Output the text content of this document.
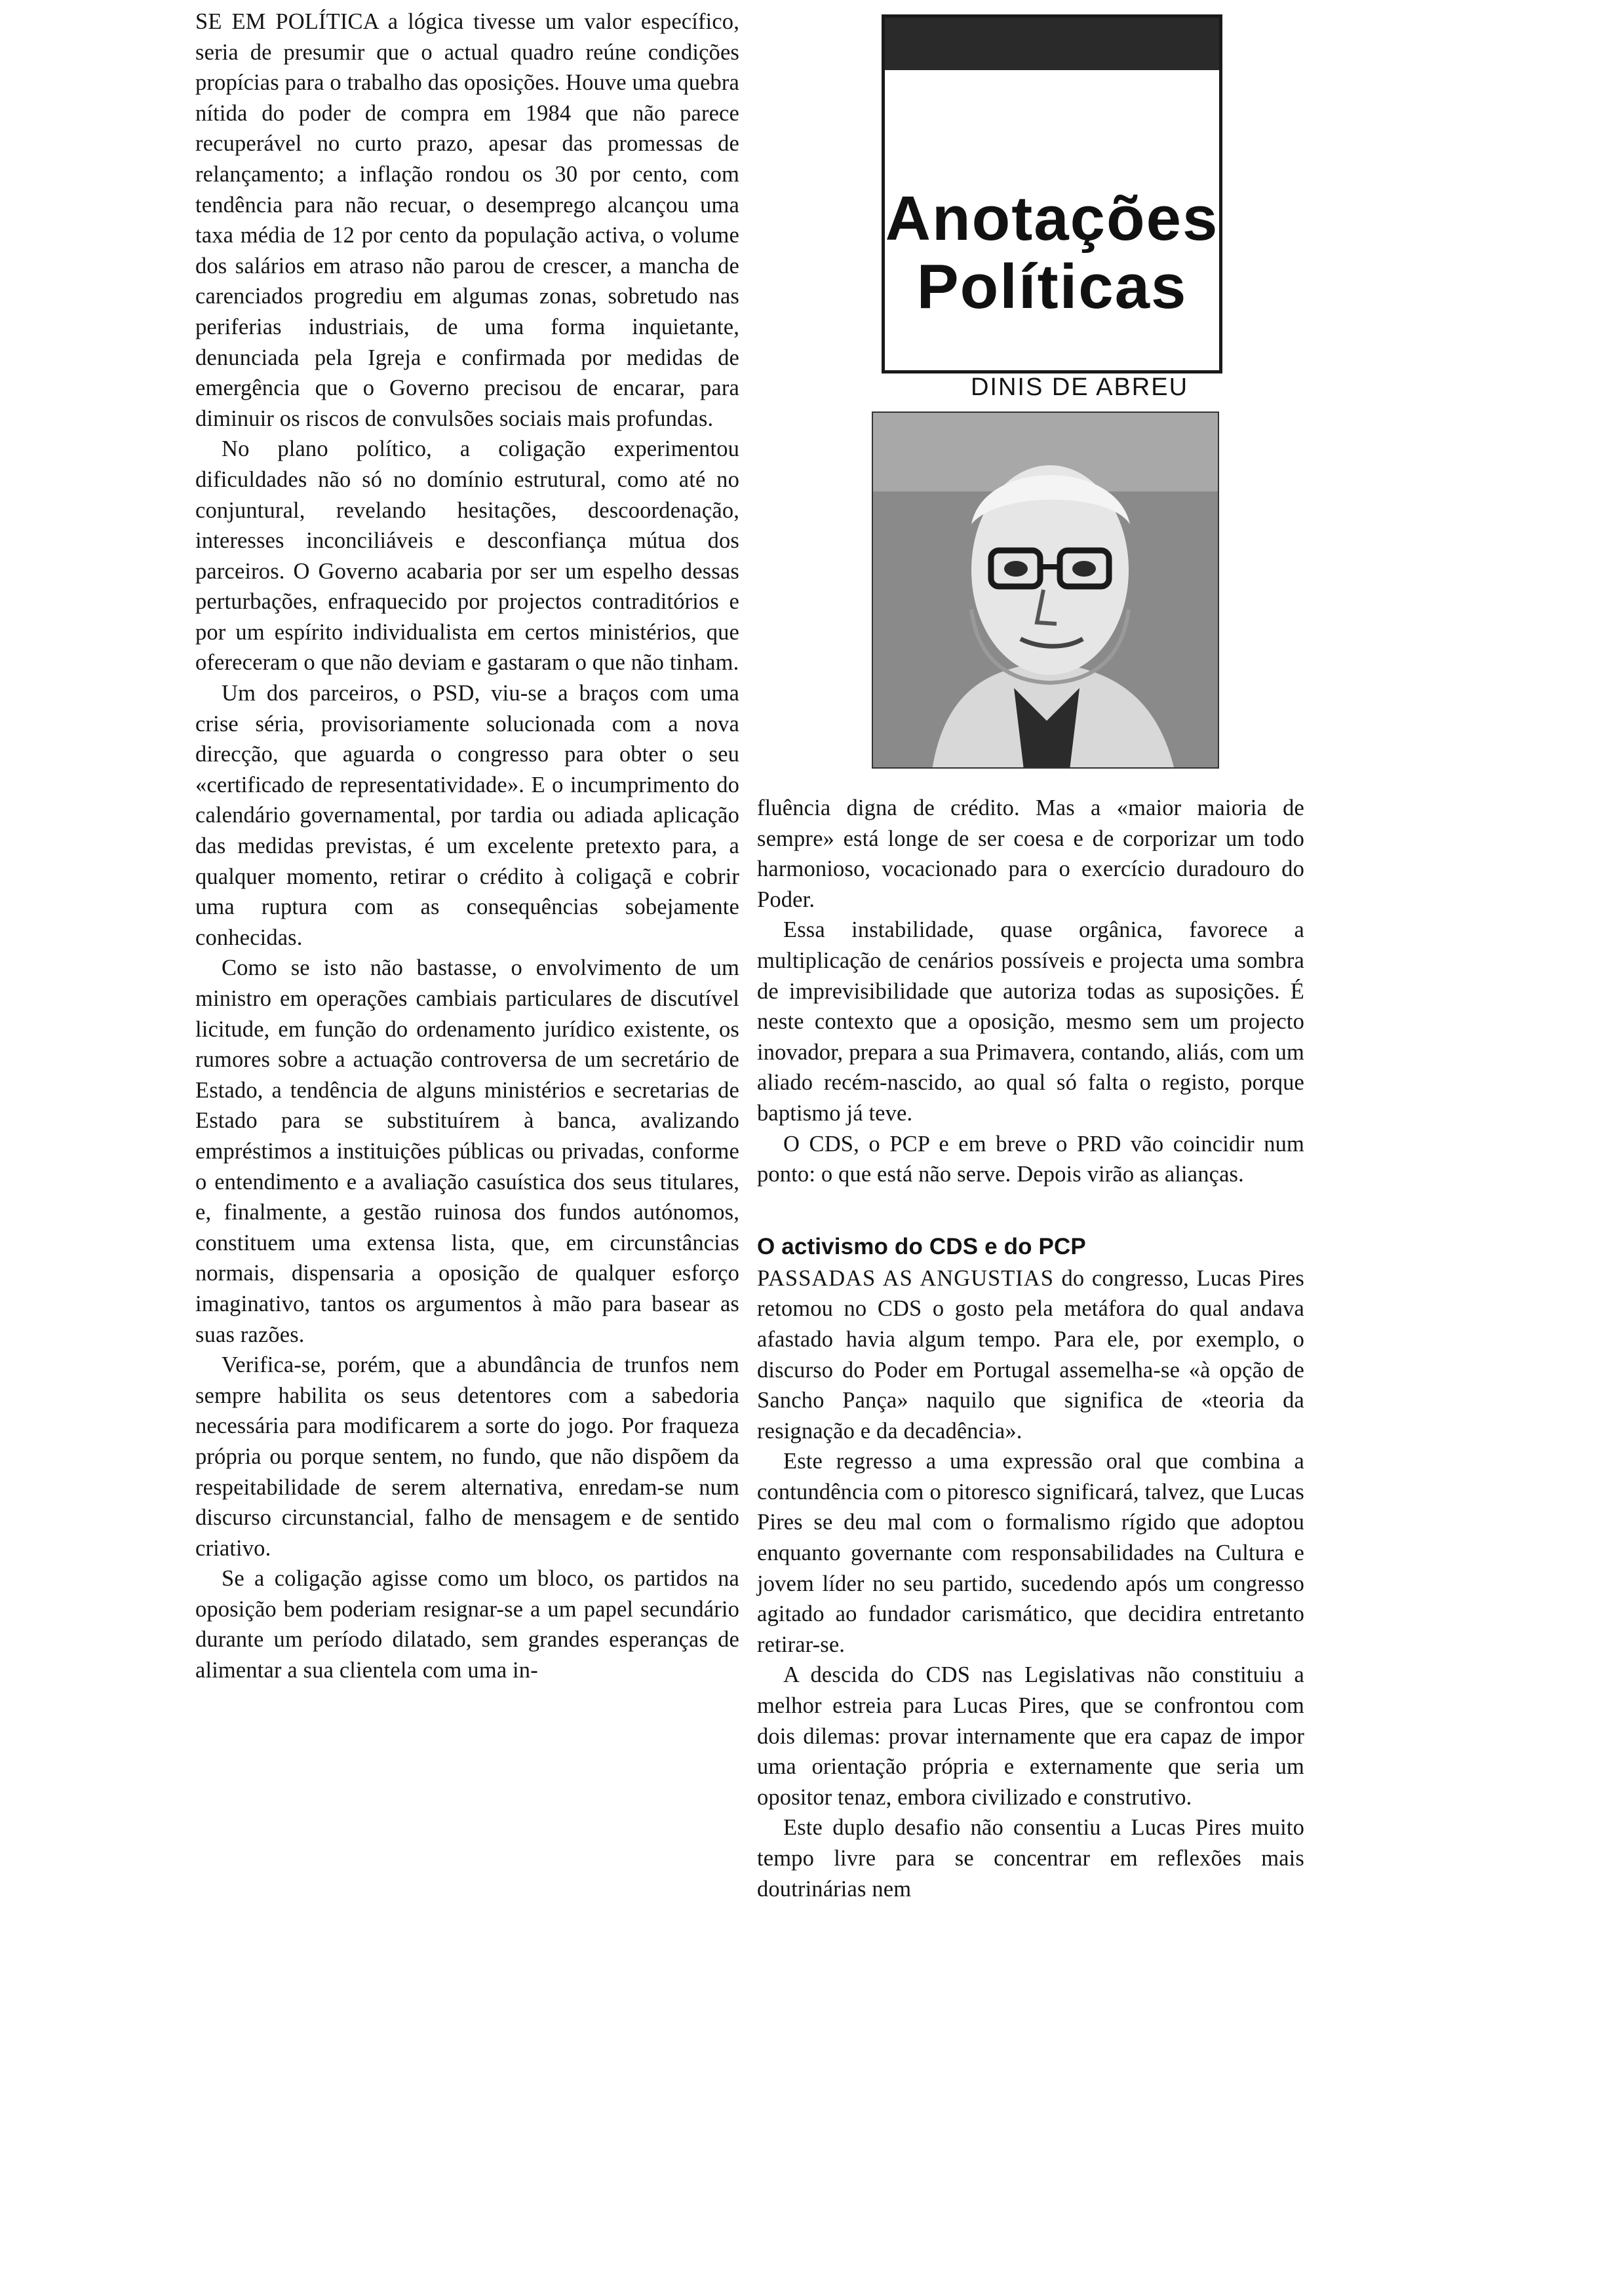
SE EM POLÍTICA a lógica tivesse um valor específico, seria de presumir que o actual quadro reúne condições propícias para o trabalho das oposições. Houve uma quebra nítida do poder de compra em 1984 que não parece recuperável no curto prazo, apesar das promessas de relançamento; a inflação rondou os 30 por cento, com tendência para não recuar, o desemprego alcançou uma taxa média de 12 por cento da população activa, o volume dos salários em atraso não parou de crescer, a mancha de carenciados progrediu em algumas zonas, sobretudo nas periferias industriais, de uma forma inquietante, denunciada pela Igreja e confirmada por medidas de emergência que o Governo precisou de encarar, para diminuir os riscos de convulsões sociais mais profundas.

No plano político, a coligação experimentou dificuldades não só no domínio estrutural, como até no conjuntural, revelando hesitações, descoordenação, interesses inconciliáveis e desconfiança mútua dos parceiros. O Governo acabaria por ser um espelho dessas perturbações, enfraquecido por projectos contraditórios e por um espírito individualista em certos ministérios, que ofereceram o que não deviam e gastaram o que não tinham.

Um dos parceiros, o PSD, viu-se a braços com uma crise séria, provisoriamente solucionada com a nova direcção, que aguarda o congresso para obter o seu «certificado de representatividade». E o incumprimento do calendário governamental, por tardia ou adiada aplicação das medidas previstas, é um excelente pretexto para, a qualquer momento, retirar o crédito à coligaçã e cobrir uma ruptura com as consequências sobejamente conhecidas.

Como se isto não bastasse, o envolvimento de um ministro em operações cambiais particulares de discutível licitude, em função do ordenamento jurídico existente, os rumores sobre a actuação controversa de um secretário de Estado, a tendência de alguns ministérios e secretarias de Estado para se substituírem à banca, avalizando empréstimos a instituições públicas ou privadas, conforme o entendimento e a avaliação casuística dos seus titulares, e, finalmente, a gestão ruinosa dos fundos autónomos, constituem uma extensa lista, que, em circunstâncias normais, dispensaria a oposição de qualquer esforço imaginativo, tantos os argumentos à mão para basear as suas razões.

Verifica-se, porém, que a abundância de trunfos nem sempre habilita os seus detentores com a sabedoria necessária para modificarem a sorte do jogo. Por fraqueza própria ou porque sentem, no fundo, que não dispõem da respeitabilidade de serem alternativa, enredam-se num discurso circunstancial, falho de mensagem e de sentido criativo.

Se a coligação agisse como um bloco, os partidos na oposição bem poderiam resignar-se a um papel secundário durante um período dilatado, sem grandes esperanças de alimentar a sua clientela com uma in-

Anotações
Políticas
DINIS DE ABREU

fluência digna de crédito. Mas a «maior maioria de sempre» está longe de ser coesa e de corporizar um todo harmonioso, vocacionado para o exercício duradouro do Poder.

Essa instabilidade, quase orgânica, favorece a multiplicação de cenários possíveis e projecta uma sombra de imprevisibilidade que autoriza todas as suposições. É neste contexto que a oposição, mesmo sem um projecto inovador, prepara a sua Primavera, contando, aliás, com um aliado recém-nascido, ao qual só falta o registo, porque baptismo já teve.

O CDS, o PCP e em breve o PRD vão coincidir num ponto: o que está não serve. Depois virão as alianças.

O activismo do CDS e do PCP

PASSADAS AS ANGUSTIAS do congresso, Lucas Pires retomou no CDS o gosto pela metáfora do qual andava afastado havia algum tempo. Para ele, por exemplo, o discurso do Poder em Portugal assemelha-se «à opção de Sancho Pança» naquilo que significa de «teoria da resignação e da decadência».

Este regresso a uma expressão oral que combina a contundência com o pitoresco significará, talvez, que Lucas Pires se deu mal com o formalismo rígido que adoptou enquanto governante com responsabilidades na Cultura e jovem líder no seu partido, sucedendo após um congresso agitado ao fundador carismático, que decidira entretanto retirar-se.

A descida do CDS nas Legislativas não constituiu a melhor estreia para Lucas Pires, que se confrontou com dois dilemas: provar internamente que era capaz de impor uma orientação própria e externamente que seria um opositor tenaz, embora civilizado e construtivo.

Este duplo desafio não consentiu a Lucas Pires muito tempo livre para se concentrar em reflexões mais doutrinárias nem
